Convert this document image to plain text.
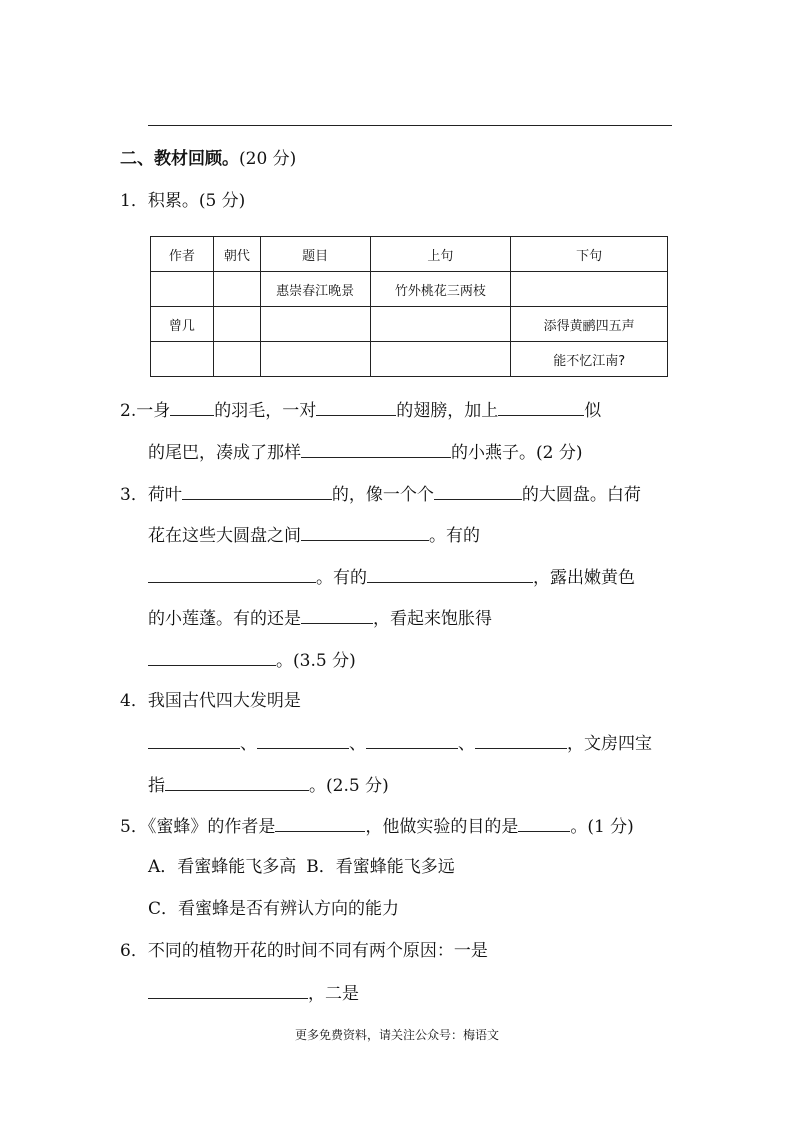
二、教材回顾。(20 分)
1．积累。(5 分)
作者	朝代	题目	上句	下句
		惠崇春江晚景	竹外桃花三两枝	
曾几				添得黄鹂四五声
				能不忆江南?
2.一身	的羽毛，一对	的翅膀，加上	似
的尾巴，凑成了那样	的小燕子。(2 分)
3．荷叶	的，像一个个	的大圆盘。白荷
花在这些大圆盘之间	。有的
。有的	，露出嫩黄色
的小莲蓬。有的还是	，看起来饱胀得
。(3.5 分)
4．我国古代四大发明是
、	、	、	，文房四宝
指	。(2.5 分)
5．《蜜蜂》的作者是	，他做实验的目的是	。(1 分)
A．看蜜蜂能飞多高 B．看蜜蜂能飞多远
C．看蜜蜂是否有辨认方向的能力
6．不同的植物开花的时间不同有两个原因：一是
，二是
更多免费资料，请关注公众号：梅语文
